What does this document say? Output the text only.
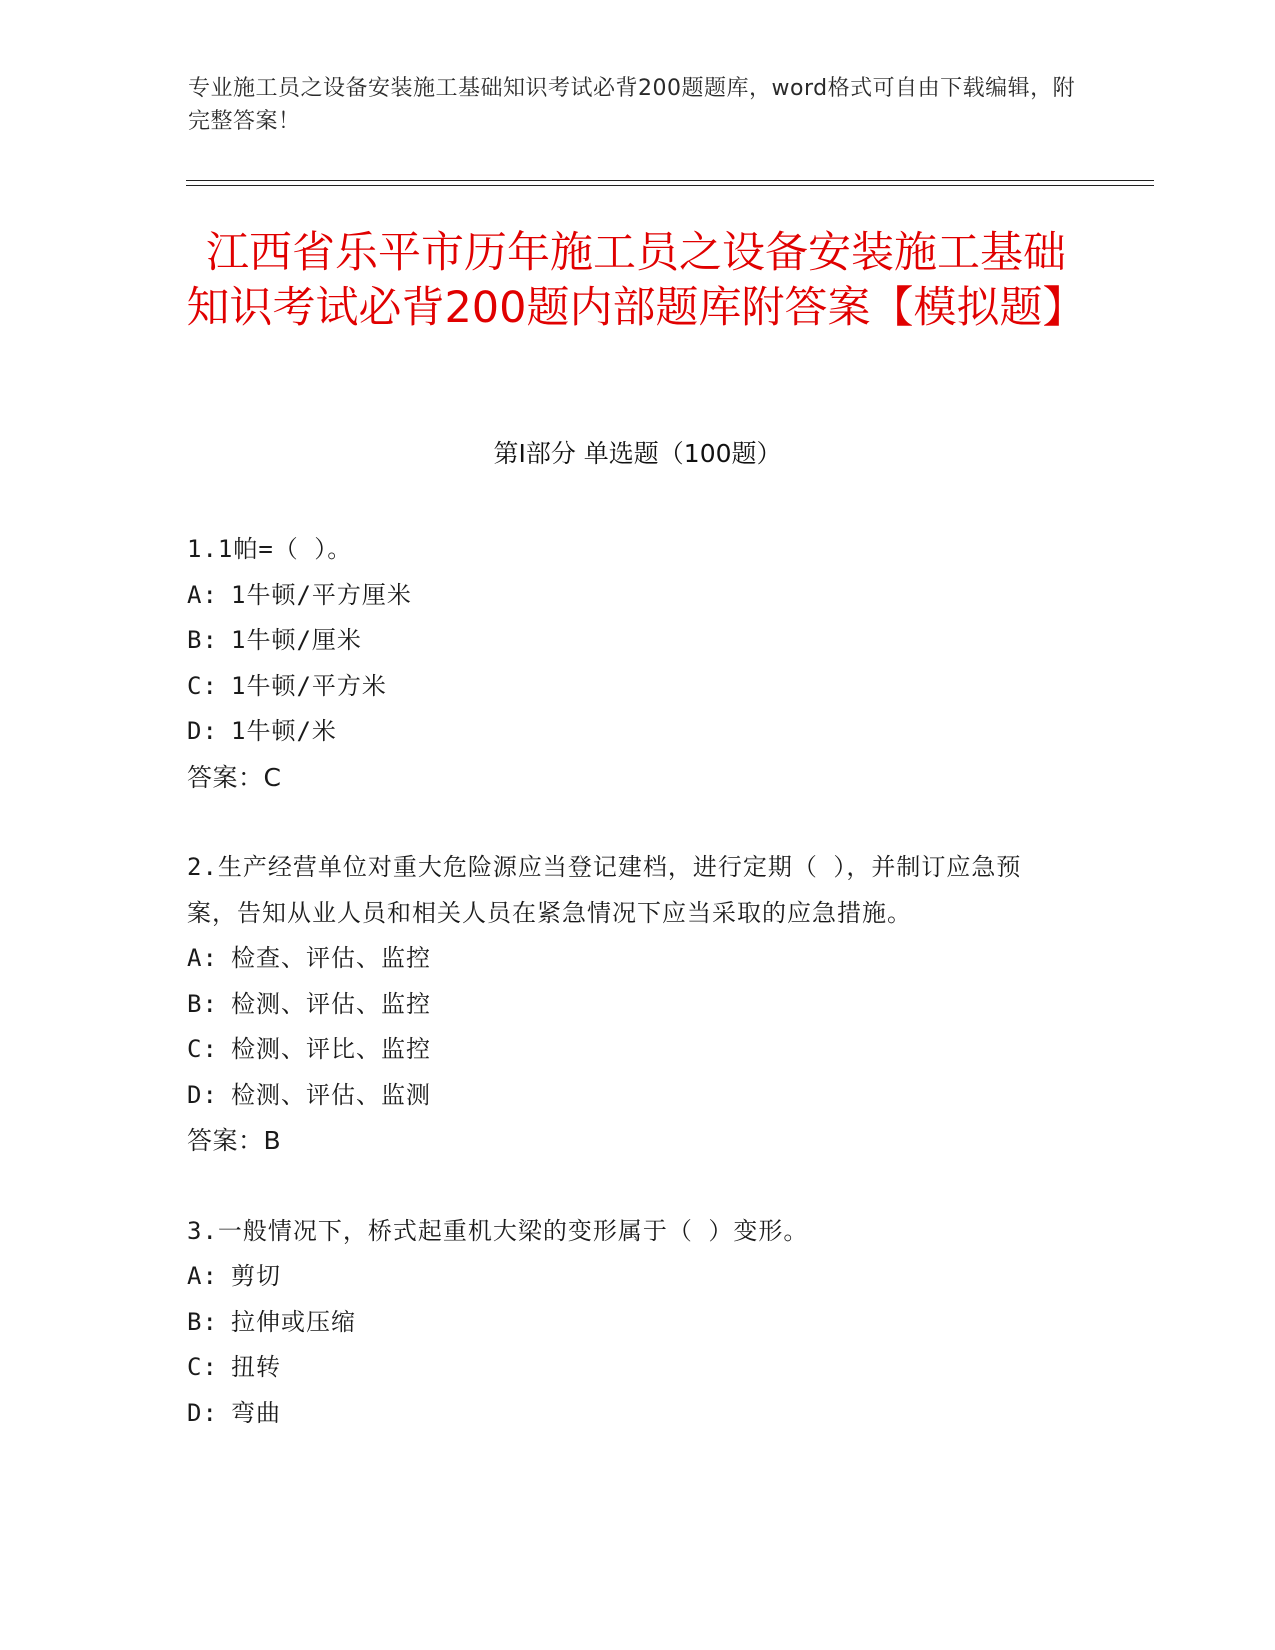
专业施工员之设备安装施工基础知识考试必背200题题库，word格式可自由下载编辑，附完整答案！
江西省乐平市历年施工员之设备安装施工基础知识考试必背200题内部题库附答案【模拟题】
第Ⅰ部分 单选题（100题）

1.1帕=（ ）。

A: 1牛顿/平方厘米

B: 1牛顿/厘米

C: 1牛顿/平方米

D: 1牛顿/米

答案：C

2.生产经营单位对重大危险源应当登记建档，进行定期（ ），并制订应急预案，告知从业人员和相关人员在紧急情况下应当采取的应急措施。

A: 检查、评估、监控

B: 检测、评估、监控

C: 检测、评比、监控

D: 检测、评估、监测

答案：B

3.一般情况下，桥式起重机大梁的变形属于（ ）变形。

A: 剪切

B: 拉伸或压缩

C: 扭转

D: 弯曲
